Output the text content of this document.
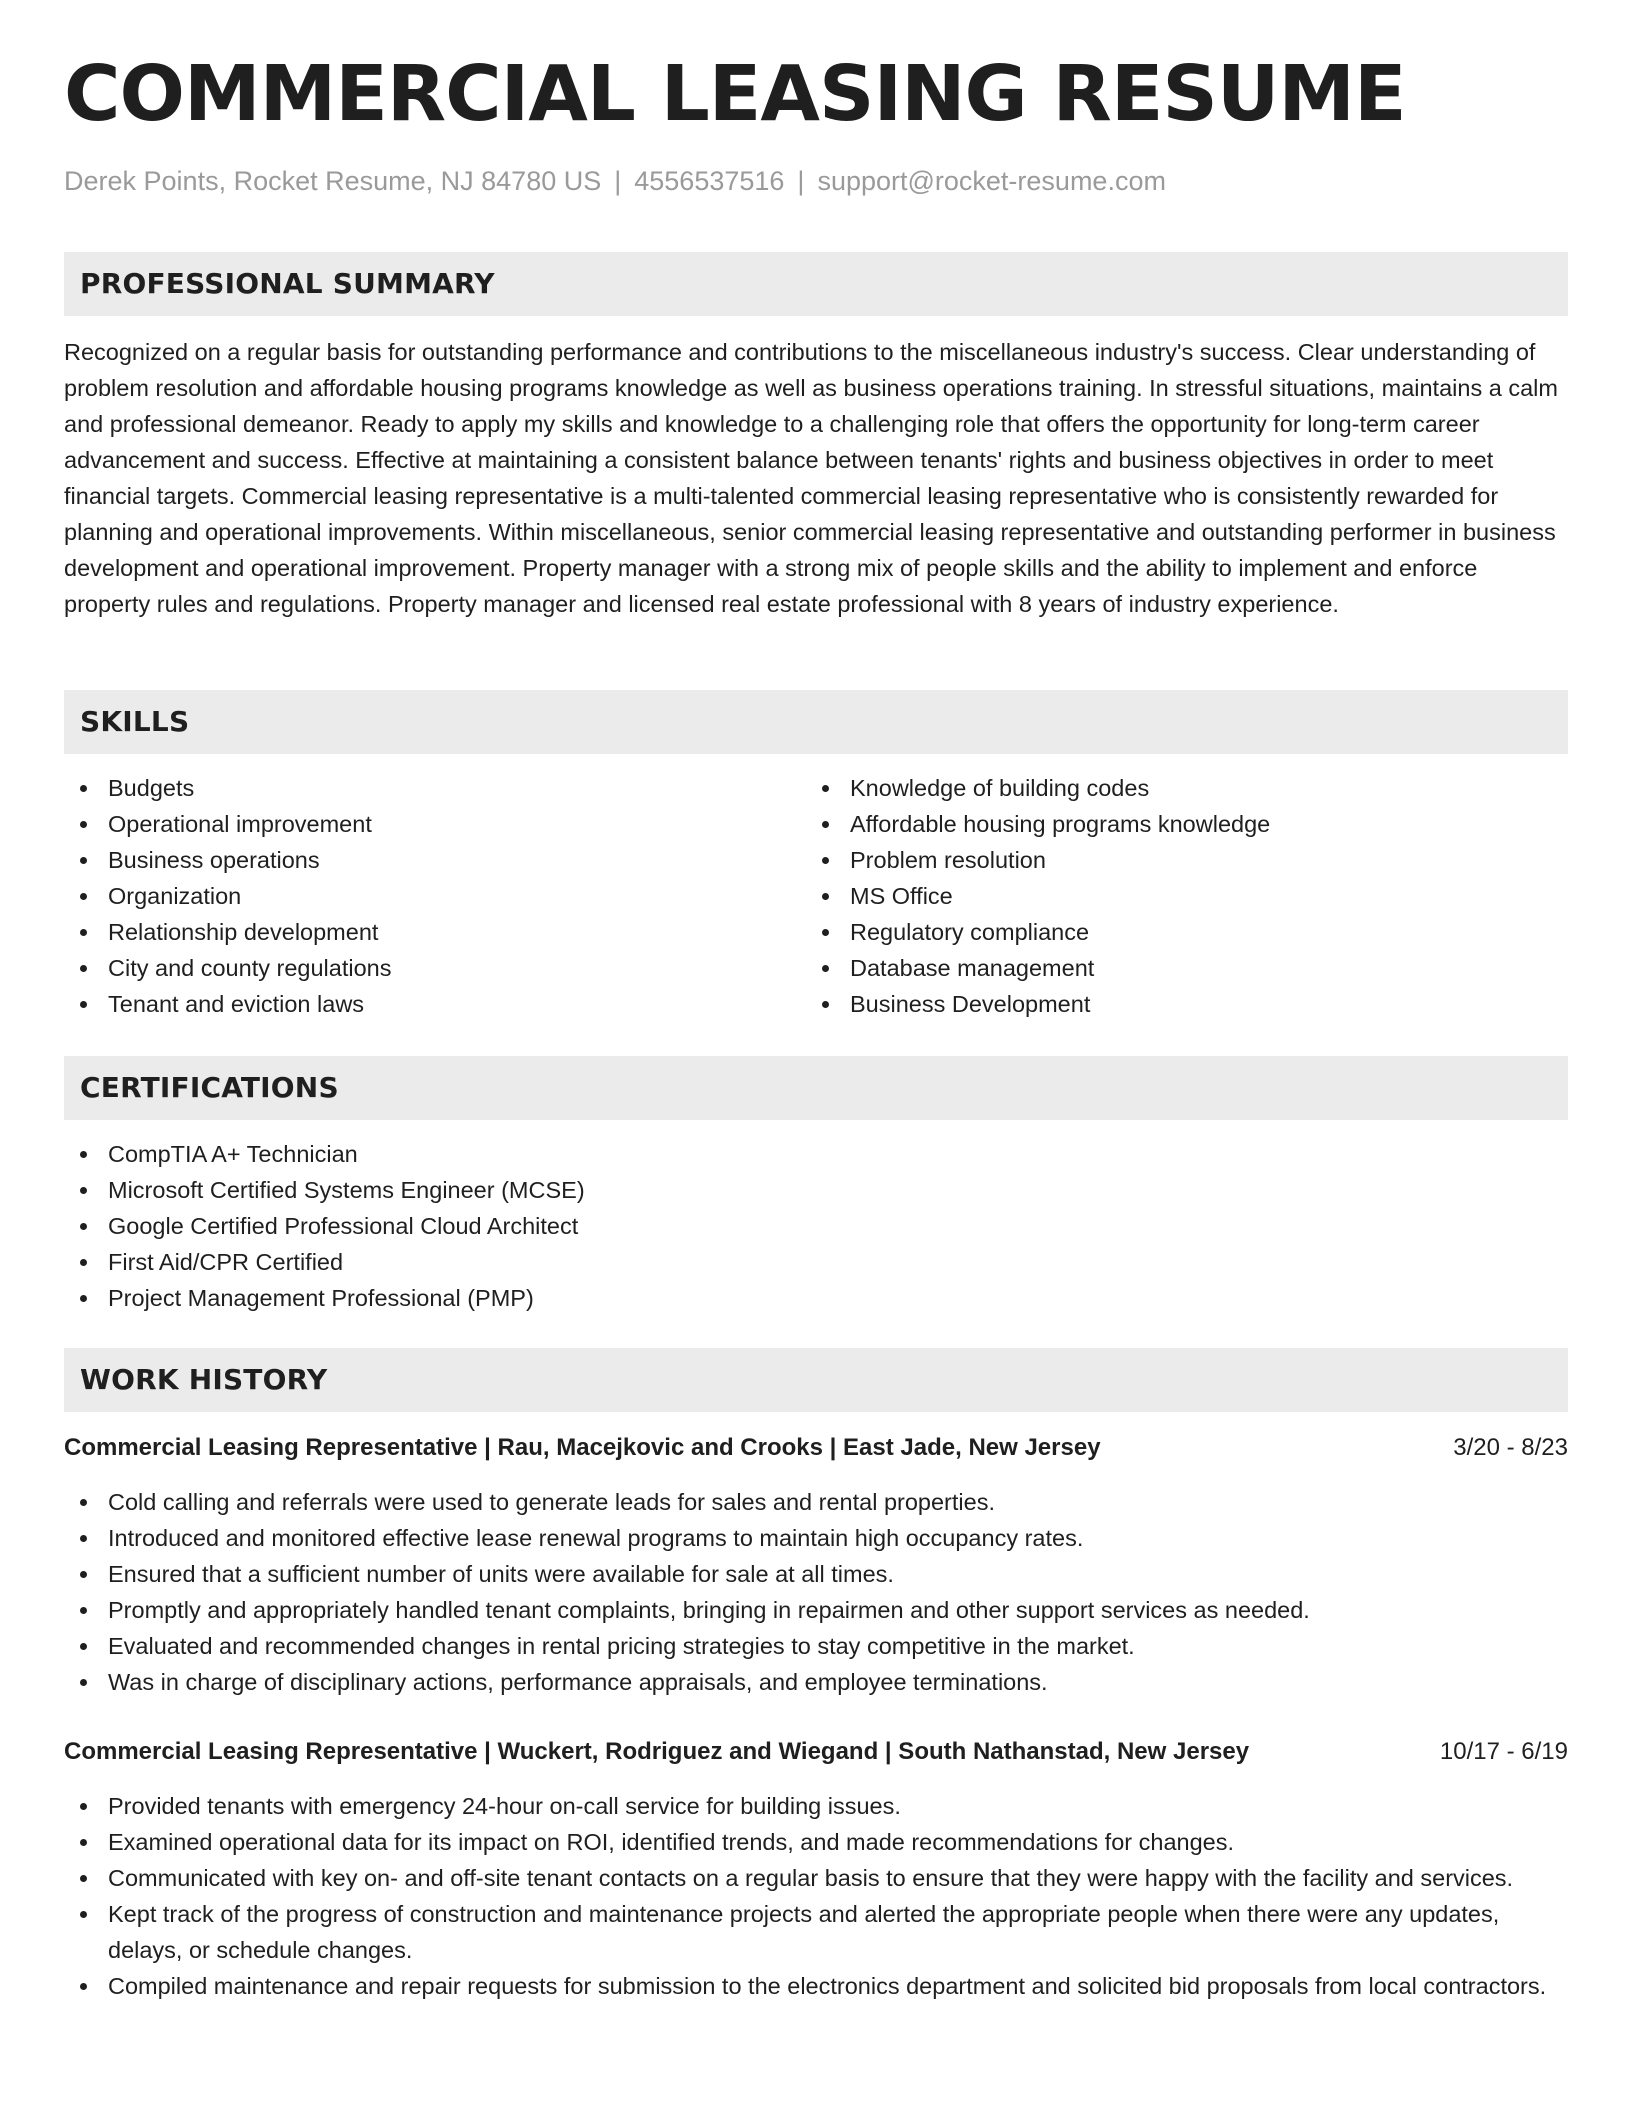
COMMERCIAL LEASING RESUME
Derek Points, Rocket Resume, NJ 84780 US | 4556537516 | support@rocket-resume.com
PROFESSIONAL SUMMARY

Recognized on a regular basis for outstanding performance and contributions to the miscellaneous industry's success. Clear understanding of problem resolution and affordable housing programs knowledge as well as business operations training. In stressful situations, maintains a calm and professional demeanor. Ready to apply my skills and knowledge to a challenging role that offers the opportunity for long-term career advancement and success. Effective at maintaining a consistent balance between tenants' rights and business objectives in order to meet financial targets. Commercial leasing representative is a multi-talented commercial leasing representative who is consistently rewarded for planning and operational improvements. Within miscellaneous, senior commercial leasing representative and outstanding performer in business development and operational improvement. Property manager with a strong mix of people skills and the ability to implement and enforce property rules and regulations. Property manager and licensed real estate professional with 8 years of industry experience.

SKILLS
Budgets
Operational improvement
Business operations
Organization
Relationship development
City and county regulations
Tenant and eviction laws
Knowledge of building codes
Affordable housing programs knowledge
Problem resolution
MS Office
Regulatory compliance
Database management
Business Development
CERTIFICATIONS
CompTIA A+ Technician
Microsoft Certified Systems Engineer (MCSE)
Google Certified Professional Cloud Architect
First Aid/CPR Certified
Project Management Professional (PMP)
WORK HISTORY
Commercial Leasing Representative | Rau, Macejkovic and Crooks | East Jade, New Jersey	3/20 - 8/23
Cold calling and referrals were used to generate leads for sales and rental properties.
Introduced and monitored effective lease renewal programs to maintain high occupancy rates.
Ensured that a sufficient number of units were available for sale at all times.
Promptly and appropriately handled tenant complaints, bringing in repairmen and other support services as needed.
Evaluated and recommended changes in rental pricing strategies to stay competitive in the market.
Was in charge of disciplinary actions, performance appraisals, and employee terminations.
Commercial Leasing Representative | Wuckert, Rodriguez and Wiegand | South Nathanstad, New Jersey	10/17 - 6/19
Provided tenants with emergency 24-hour on-call service for building issues.
Examined operational data for its impact on ROI, identified trends, and made recommendations for changes.
Communicated with key on- and off-site tenant contacts on a regular basis to ensure that they were happy with the facility and services.
Kept track of the progress of construction and maintenance projects and alerted the appropriate people when there were any updates, delays, or schedule changes.
Compiled maintenance and repair requests for submission to the electronics department and solicited bid proposals from local contractors.
